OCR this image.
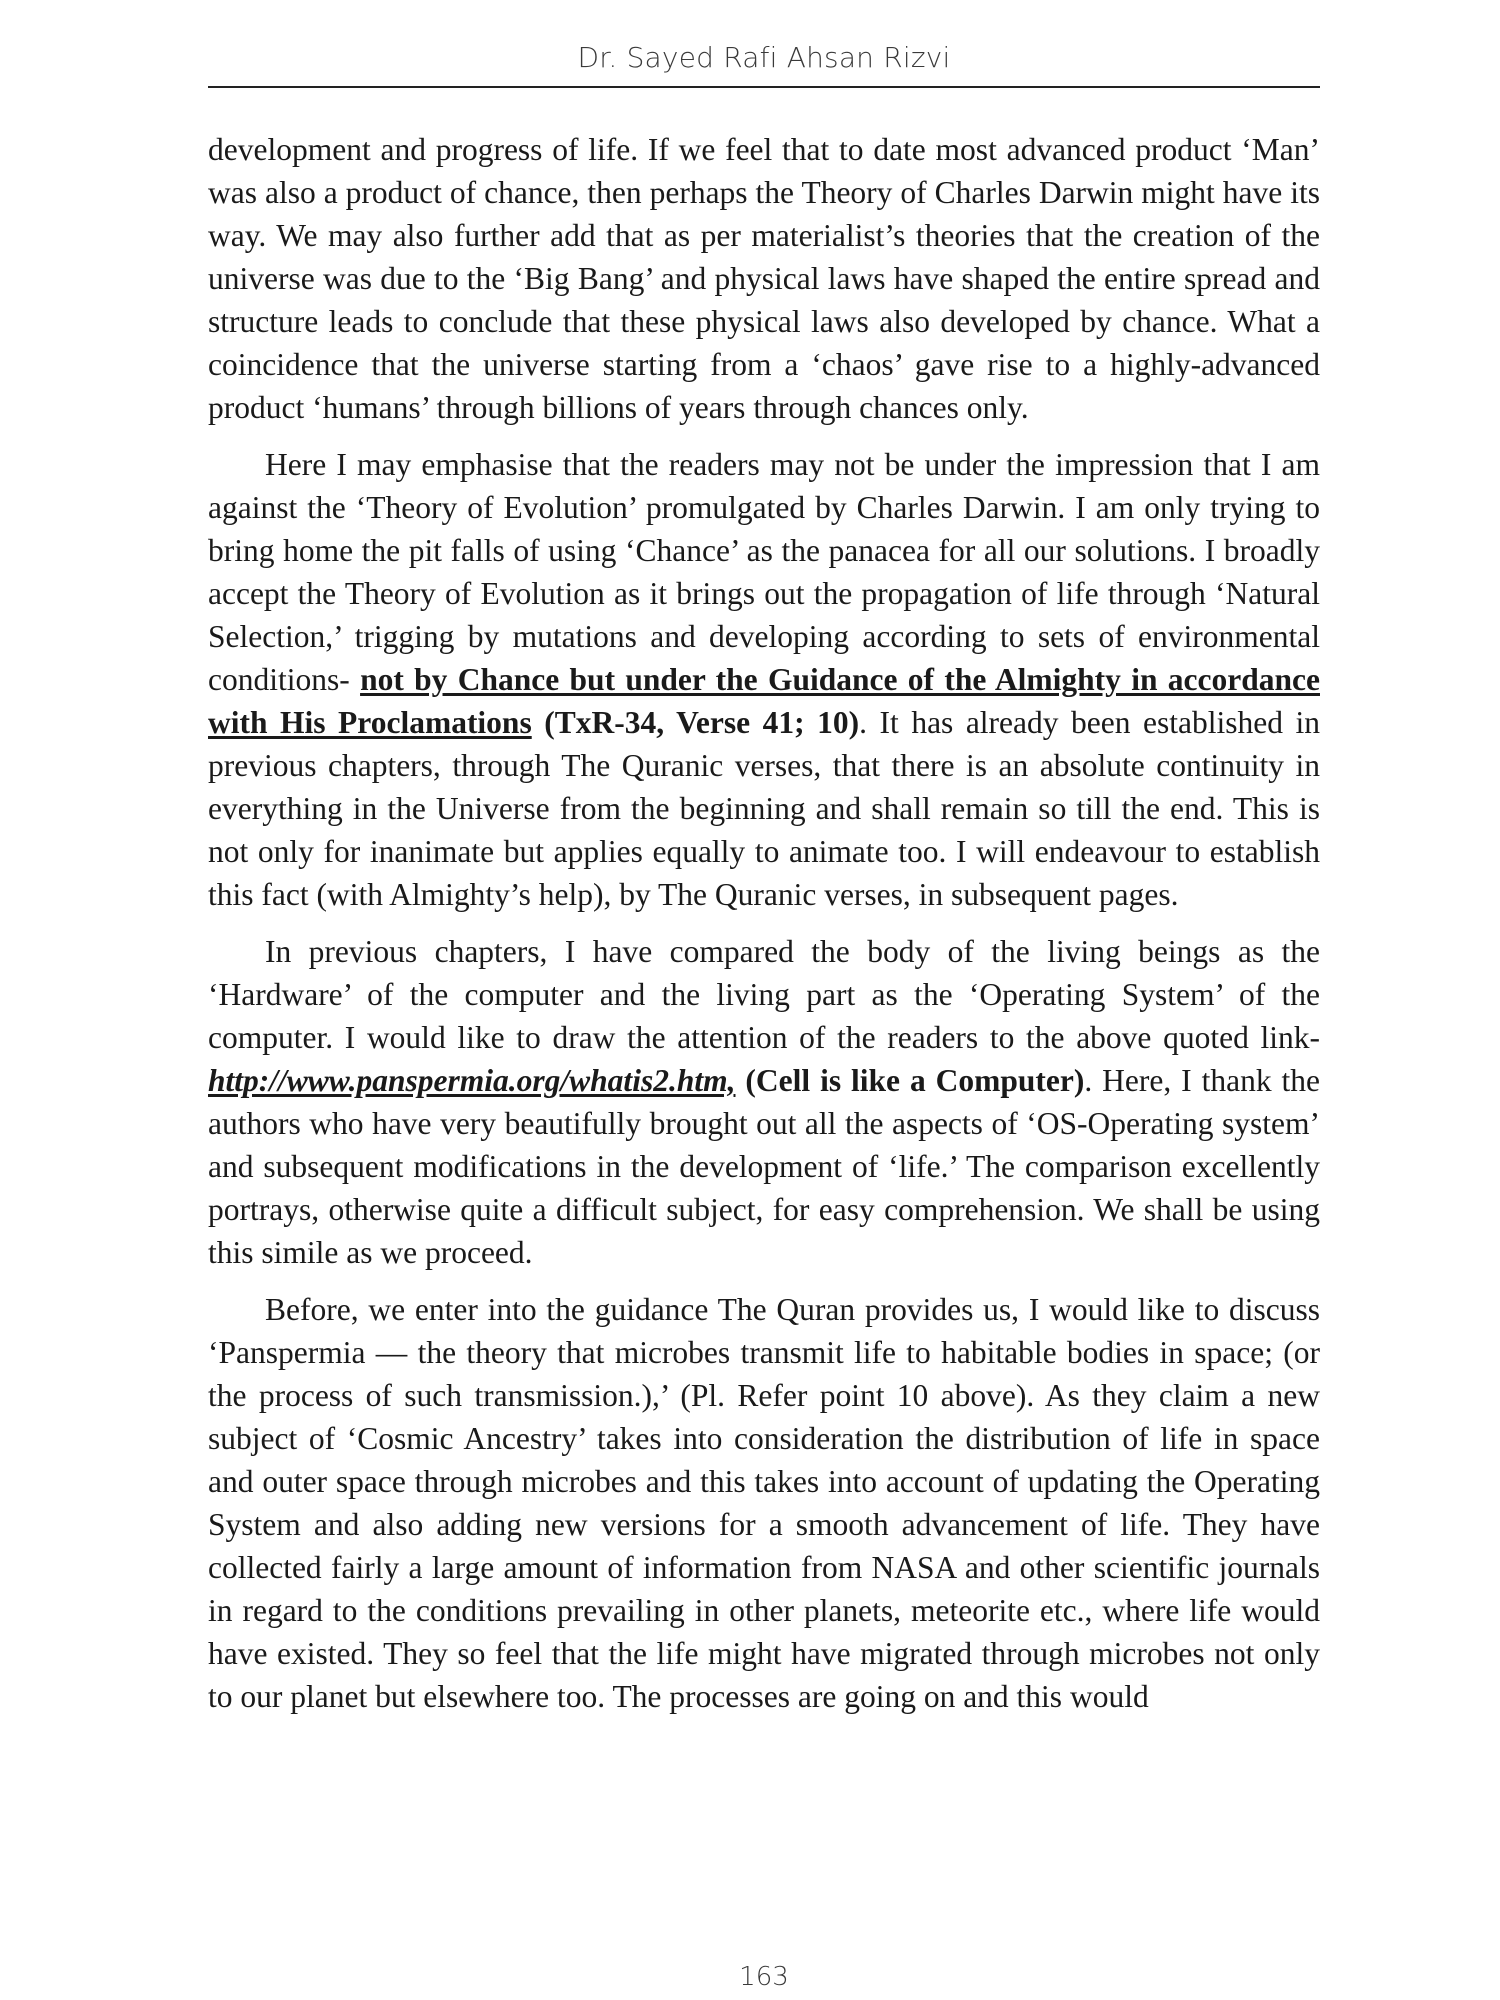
Dr. Sayed Rafi Ahsan Rizvi

development and progress of life. If we feel that to date most advanced product ‘Man’ was also a product of chance, then perhaps the Theory of Charles Darwin might have its way. We may also further add that as per materialist’s theories that the creation of the universe was due to the ‘Big Bang’ and physical laws have shaped the entire spread and structure leads to conclude that these physical laws also developed by chance. What a coincidence that the universe starting from a ‘chaos’ gave rise to a highly-advanced product ‘humans’ through billions of years through chances only.

Here I may emphasise that the readers may not be under the impression that I am against the ‘Theory of Evolution’ promulgated by Charles Darwin. I am only trying to bring home the pit falls of using ‘Chance’ as the panacea for all our solutions. I broadly accept the Theory of Evolution as it brings out the propagation of life through ‘Natural Selection,’ trigging by mutations and developing according to sets of environmental conditions- not by Chance but under the Guidance of the Almighty in accordance with His Proclamations (TxR-34, Verse 41; 10). It has already been established in previous chapters, through The Quranic verses, that there is an absolute continuity in everything in the Universe from the beginning and shall remain so till the end. This is not only for inanimate but applies equally to animate too. I will endeavour to establish this fact (with Almighty’s help), by The Quranic verses, in subsequent pages.

In previous chapters, I have compared the body of the living beings as the ‘Hardware’ of the computer and the living part as the ‘Operating System’ of the computer. I would like to draw the attention of the readers to the above quoted link- http://www.panspermia.org/whatis2.htm, (Cell is like a Computer). Here, I thank the authors who have very beautifully brought out all the aspects of ‘OS-Operating system’ and subsequent modifications in the development of ‘life.’ The comparison excellently portrays, otherwise quite a difficult subject, for easy comprehension. We shall be using this simile as we proceed.

Before, we enter into the guidance The Quran provides us, I would like to discuss ‘Panspermia — the theory that microbes transmit life to habitable bodies in space; (or the process of such transmission.),’ (Pl. Refer point 10 above). As they claim a new subject of ‘Cosmic Ancestry’ takes into consideration the distribution of life in space and outer space through microbes and this takes into account of updating the Operating System and also adding new versions for a smooth advancement of life. They have collected fairly a large amount of information from NASA and other scientific journals in regard to the conditions prevailing in other planets, meteorite etc., where life would have existed. They so feel that the life might have migrated through microbes not only to our planet but elsewhere too. The processes are going on and this would

163
